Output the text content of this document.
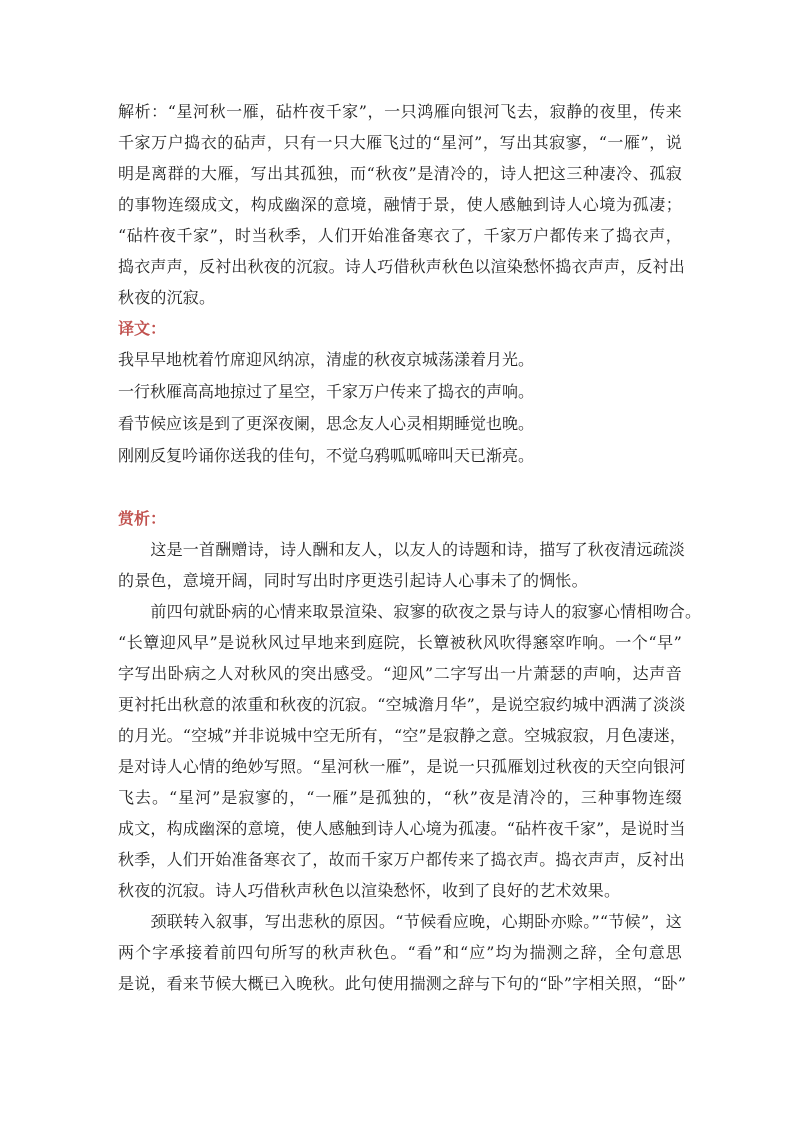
解析：“星河秋一雁，砧杵夜千家”，一只鸿雁向银河飞去，寂静的夜里，传来
千家万户捣衣的砧声，只有一只大雁飞过的“星河”，写出其寂寥，“一雁”，说
明是离群的大雁，写出其孤独，而“秋夜”是清冷的，诗人把这三种凄冷、孤寂
的事物连缀成文，构成幽深的意境，融情于景，使人感触到诗人心境为孤凄；
“砧杵夜千家”，时当秋季，人们开始准备寒衣了，千家万户都传来了捣衣声，
捣衣声声，反衬出秋夜的沉寂。诗人巧借秋声秋色以渲染愁怀捣衣声声，反衬出
秋夜的沉寂。

译文：

我早早地枕着竹席迎风纳凉，清虚的秋夜京城荡漾着月光。

一行秋雁高高地掠过了星空，千家万户传来了捣衣的声响。

看节候应该是到了更深夜阑，思念友人心灵相期睡觉也晚。

刚刚反复吟诵你送我的佳句，不觉乌鸦呱呱啼叫天已渐亮。

赏析：

　　这是一首酬赠诗，诗人酬和友人，以友人的诗题和诗，描写了秋夜清远疏淡
的景色，意境开阔，同时写出时序更迭引起诗人心事未了的惆怅。
　　前四句就卧病的心情来取景渲染、寂寥的砍夜之景与诗人的寂寥心情相吻合。
“长簟迎风早”是说秋风过早地来到庭院，长簟被秋风吹得窸窣咋响。一个“早”
字写出卧病之人对秋风的突出感受。“迎风”二字写出一片萧瑟的声响，达声音
更衬托出秋意的浓重和秋夜的沉寂。“空城澹月华”，是说空寂约城中洒满了淡淡
的月光。“空城”并非说城中空无所有，“空”是寂静之意。空城寂寂，月色凄迷，
是对诗人心情的绝妙写照。“星河秋一雁”，是说一只孤雁划过秋夜的天空向银河
飞去。“星河”是寂寥的，“一雁”是孤独的，“秋”夜是清冷的，三种事物连缀
成文，构成幽深的意境，使人感触到诗人心境为孤凄。“砧杵夜千家”，是说时当
秋季，人们开始准备寒衣了，故而千家万户都传来了捣衣声。捣衣声声，反衬出
秋夜的沉寂。诗人巧借秋声秋色以渲染愁怀，收到了良好的艺术效果。
　　颈联转入叙事，写出悲秋的原因。“节候看应晚，心期卧亦赊。”“节候”，这
两个字承接着前四句所写的秋声秋色。“看”和“应”均为揣测之辞，全句意思
是说，看来节候大概已入晚秋。此句使用揣测之辞与下句的“卧”字相关照，“卧”
